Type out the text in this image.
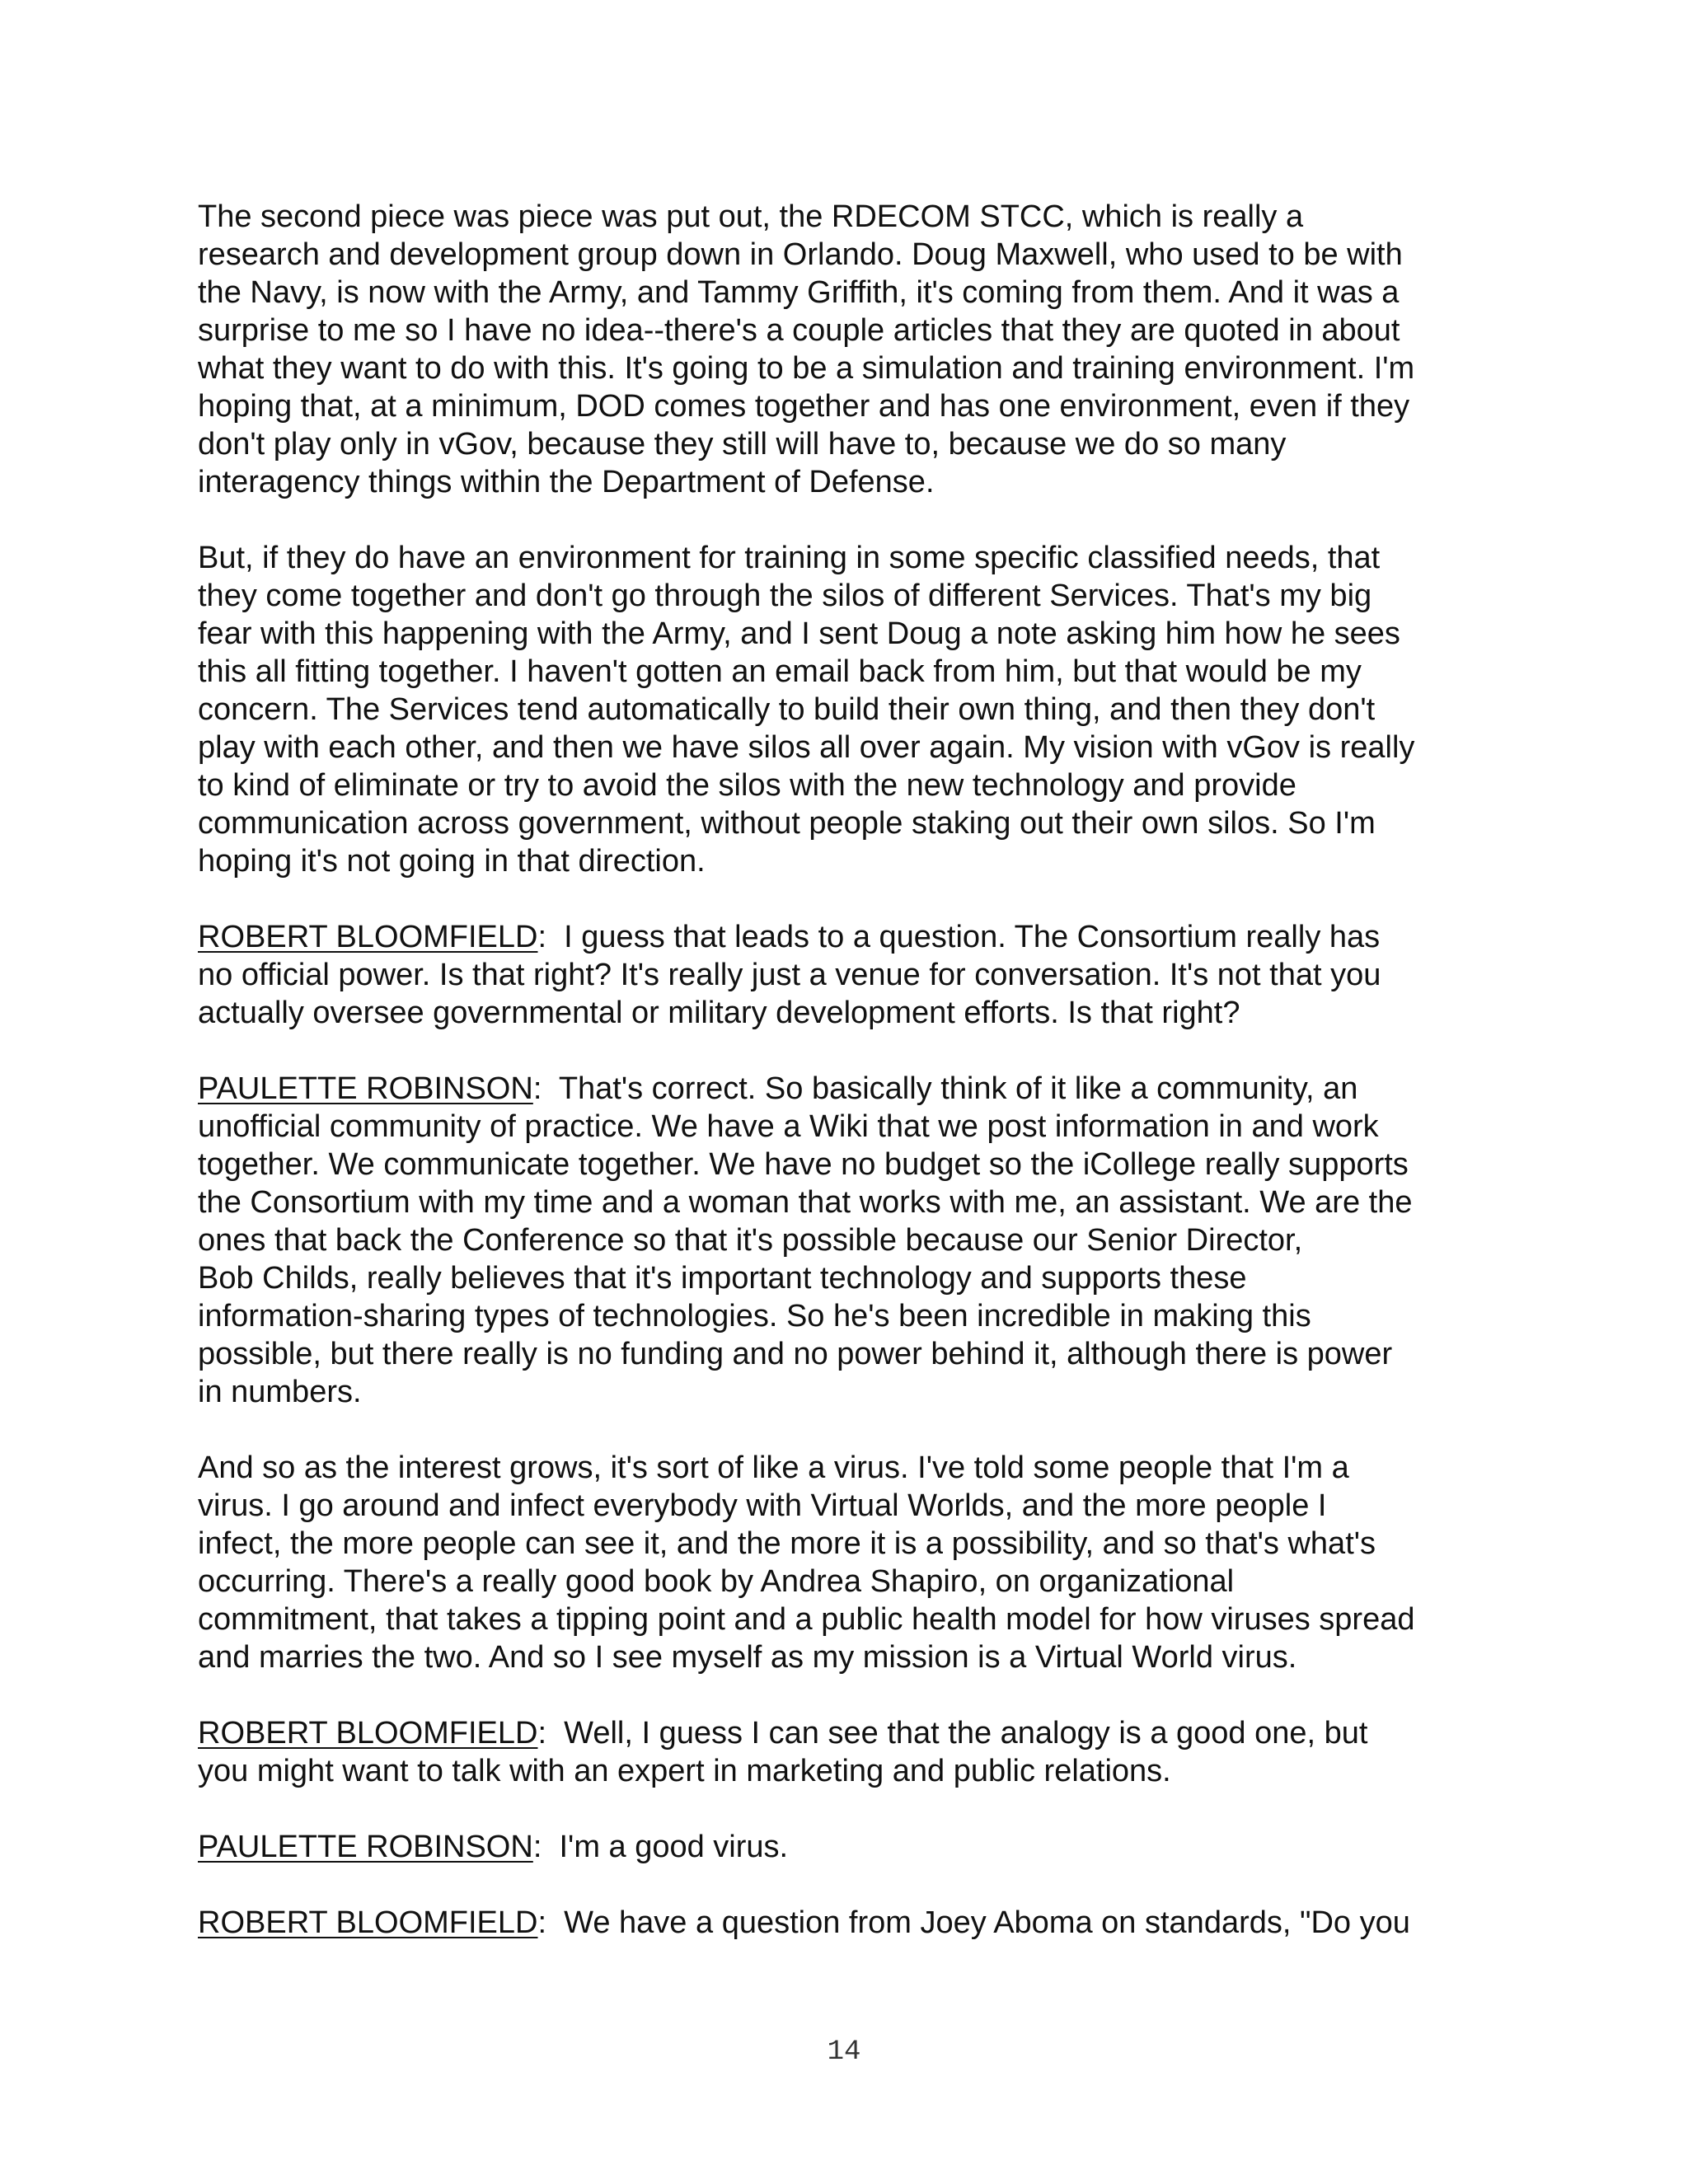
The second piece was piece was put out, the RDECOM STCC, which is really a
research and development group down in Orlando. Doug Maxwell, who used to be with
the Navy, is now with the Army, and Tammy Griffith, it's coming from them. And it was a
surprise to me so I have no idea--there's a couple articles that they are quoted in about
what they want to do with this. It's going to be a simulation and training environment. I'm
hoping that, at a minimum, DOD comes together and has one environment, even if they
don't play only in vGov, because they still will have to, because we do so many
interagency things within the Department of Defense.
But, if they do have an environment for training in some specific classified needs, that
they come together and don't go through the silos of different Services. That's my big
fear with this happening with the Army, and I sent Doug a note asking him how he sees
this all fitting together. I haven't gotten an email back from him, but that would be my
concern. The Services tend automatically to build their own thing, and then they don't
play with each other, and then we have silos all over again. My vision with vGov is really
to kind of eliminate or try to avoid the silos with the new technology and provide
communication across government, without people staking out their own silos. So I'm
hoping it's not going in that direction.
ROBERT BLOOMFIELD:  I guess that leads to a question. The Consortium really has
no official power. Is that right? It's really just a venue for conversation. It's not that you
actually oversee governmental or military development efforts. Is that right?
PAULETTE ROBINSON:  That's correct. So basically think of it like a community, an
unofficial community of practice. We have a Wiki that we post information in and work
together. We communicate together. We have no budget so the iCollege really supports
the Consortium with my time and a woman that works with me, an assistant. We are the
ones that back the Conference so that it's possible because our Senior Director,
Bob Childs, really believes that it's important technology and supports these
information-sharing types of technologies. So he's been incredible in making this
possible, but there really is no funding and no power behind it, although there is power
in numbers.
And so as the interest grows, it's sort of like a virus. I've told some people that I'm a
virus. I go around and infect everybody with Virtual Worlds, and the more people I
infect, the more people can see it, and the more it is a possibility, and so that's what's
occurring. There's a really good book by Andrea Shapiro, on organizational
commitment, that takes a tipping point and a public health model for how viruses spread
and marries the two. And so I see myself as my mission is a Virtual World virus.
ROBERT BLOOMFIELD:  Well, I guess I can see that the analogy is a good one, but
you might want to talk with an expert in marketing and public relations.
PAULETTE ROBINSON:  I'm a good virus.
ROBERT BLOOMFIELD:  We have a question from Joey Aboma on standards, "Do you
14
